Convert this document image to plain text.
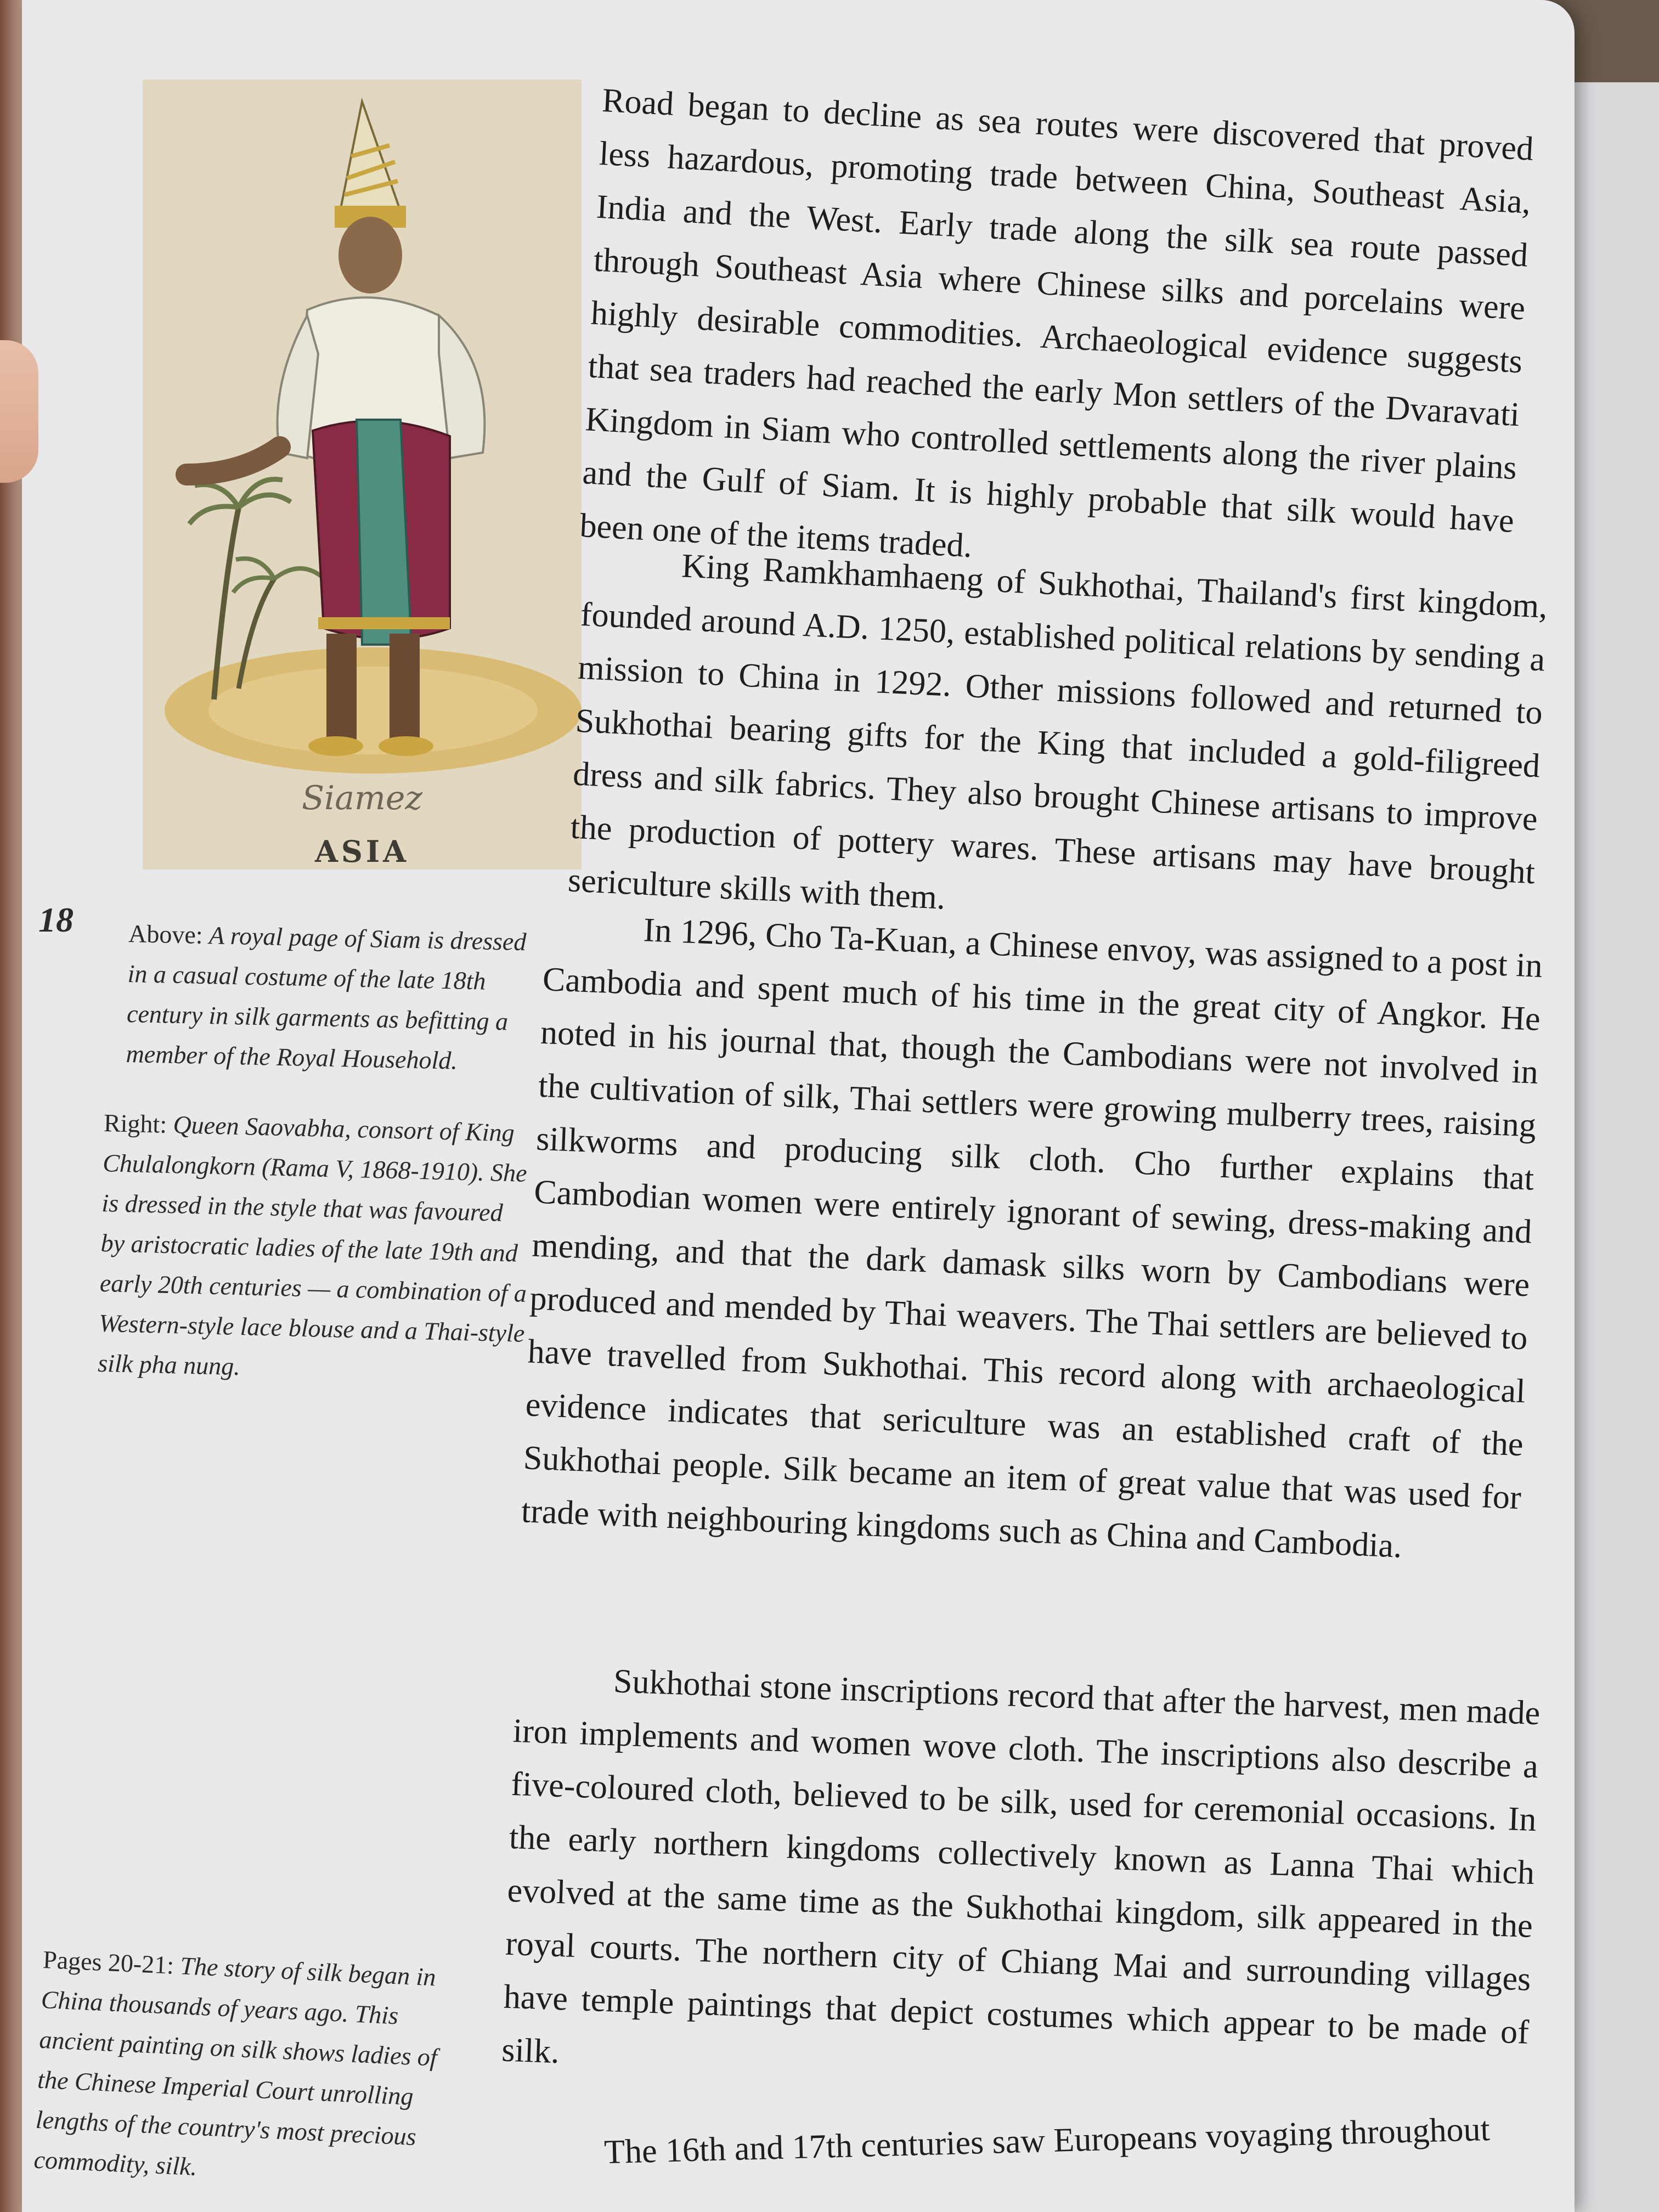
Siamez
ASIA
18 Above: A royal page of Siam is dressed in a casual costume of the late 18th century in silk garments as befitting a member of the Royal Household.
Right: Queen Saovabha, consort of King Chulalongkorn (Rama V, 1868-1910). She is dressed in the style that was favoured by aristocratic ladies of the late 19th and early 20th centuries — a combination of a Western-style lace blouse and a Thai-style silk pha nung.
Pages 20-21: The story of silk began in China thousands of years ago. This ancient painting on silk shows ladies of the Chinese Imperial Court unrolling lengths of the country's most precious commodity, silk.

Road began to decline as sea routes were discovered that proved less hazardous, promoting trade between China, Southeast Asia, India and the West. Early trade along the silk sea route passed through Southeast Asia where Chinese silks and porcelains were highly desirable commodities. Archaeological evidence suggests that sea traders had reached the early Mon settlers of the Dvaravati Kingdom in Siam who controlled settlements along the river plains and the Gulf of Siam. It is highly probable that silk would have been one of the items traded.

King Ramkhamhaeng of Sukhothai, Thailand's first kingdom, founded around A.D. 1250, established political relations by sending a mission to China in 1292. Other missions followed and returned to Sukhothai bearing gifts for the King that included a gold-filigreed dress and silk fabrics. They also brought Chinese artisans to improve the production of pottery wares. These artisans may have brought sericulture skills with them.

In 1296, Cho Ta-Kuan, a Chinese envoy, was assigned to a post in Cambodia and spent much of his time in the great city of Angkor. He noted in his journal that, though the Cambodians were not involved in the cultivation of silk, Thai settlers were growing mulberry trees, raising silkworms and producing silk cloth. Cho further explains that Cambodian women were entirely ignorant of sewing, dress-making and mending, and that the dark damask silks worn by Cambodians were produced and mended by Thai weavers. The Thai settlers are believed to have travelled from Sukhothai. This record along with archaeological evidence indicates that sericulture was an established craft of the Sukhothai people. Silk became an item of great value that was used for trade with neighbouring kingdoms such as China and Cambodia.

Sukhothai stone inscriptions record that after the harvest, men made iron implements and women wove cloth. The inscriptions also describe a five-coloured cloth, believed to be silk, used for ceremonial occasions. In the early northern kingdoms collectively known as Lanna Thai which evolved at the same time as the Sukhothai kingdom, silk appeared in the royal courts. The northern city of Chiang Mai and surrounding villages have temple paintings that depict costumes which appear to be made of silk.

The 16th and 17th centuries saw Europeans voyaging throughout
